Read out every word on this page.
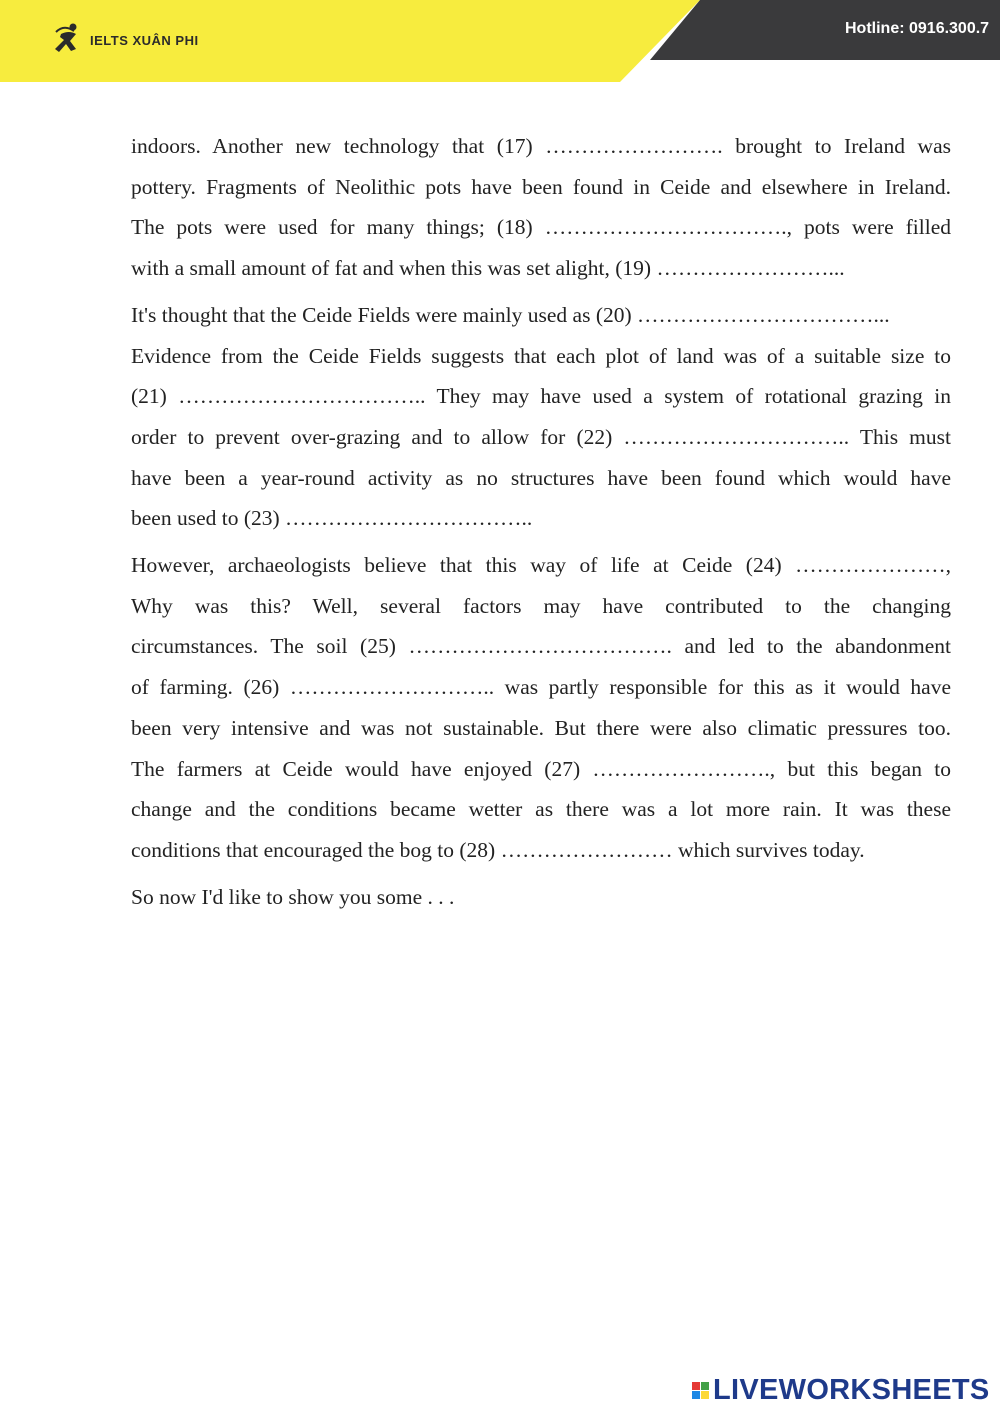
IELTS XUÂN PHI
Hotline: 0916.300.7
indoors. Another new technology that (17) ……………………. brought to Ireland was
pottery. Fragments of Neolithic pots have been found in Ceide and elsewhere in Ireland.
The pots were used for many things; (18) ……………………………., pots were filled
with a small amount of fat and when this was set alight, (19) ……………………...
It's thought that the Ceide Fields were mainly used as (20) ……………………………...
Evidence from the Ceide Fields suggests that each plot of land was of a suitable size to
(21) …………………………….. They may have used a system of rotational grazing in
order to prevent over-grazing and to allow for (22) ………………………….. This must
have been a year-round activity as no structures have been found which would have
been used to (23) ……………………………..
However, archaeologists believe that this way of life at Ceide (24) …………………,
Why was this? Well, several factors may have contributed to the changing
circumstances. The soil (25) ………………………………. and led to the abandonment
of farming. (26) ……………………….. was partly responsible for this as it would have
been very intensive and was not sustainable. But there were also climatic pressures too.
The farmers at Ceide would have enjoyed (27) ……………………., but this began to
change and the conditions became wetter as there was a lot more rain. It was these
conditions that encouraged the bog to (28) …………………… which survives today.
So now I'd like to show you some . . .
LIVEWORKSHEETS
